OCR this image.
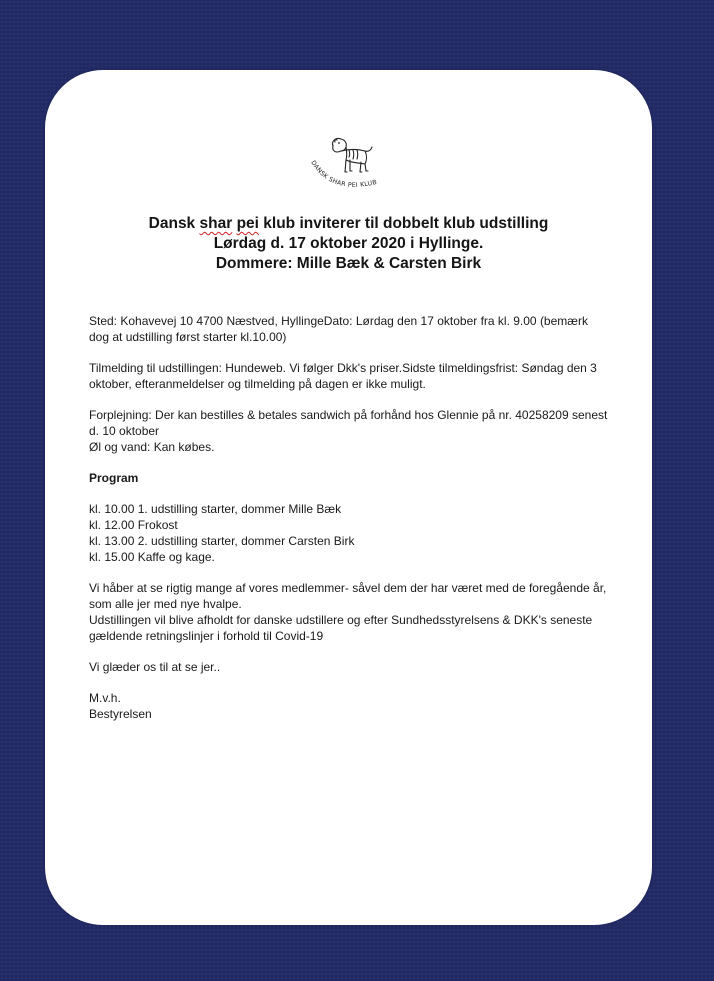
DANSK SHAR PEI KLUB
Dansk shar pei klub inviterer til dobbelt klub udstilling
Lørdag d. 17 oktober 2020 i Hyllinge.
Dommere: Mille Bæk & Carsten Birk

Sted: Kohavevej 10 4700 Næstved, HyllingeDato: Lørdag den 17 oktober fra kl. 9.00 (bemærk dog at udstilling først starter kl.10.00)

Tilmelding til udstillingen: Hundeweb. Vi følger Dkk's priser.Sidste tilmeldingsfrist: Søndag den 3 oktober, efteranmeldelser og tilmelding på dagen er ikke muligt.

Forplejning: Der kan bestilles & betales sandwich på forhånd hos Glennie på nr. 40258209 senest d. 10 oktober

Øl og vand: Kan købes.

Program

kl. 10.00 1. udstilling starter, dommer Mille Bæk

kl. 12.00 Frokost

kl. 13.00 2. udstilling starter, dommer Carsten Birk

kl. 15.00 Kaffe og kage.

Vi håber at se rigtig mange af vores medlemmer- såvel dem der har været med de foregående år, som alle jer med nye hvalpe.

Udstillingen vil blive afholdt for danske udstillere og efter Sundhedsstyrelsens & DKK's seneste gældende retningslinjer i forhold til Covid-19

Vi glæder os til at se jer..

M.v.h.

Bestyrelsen
